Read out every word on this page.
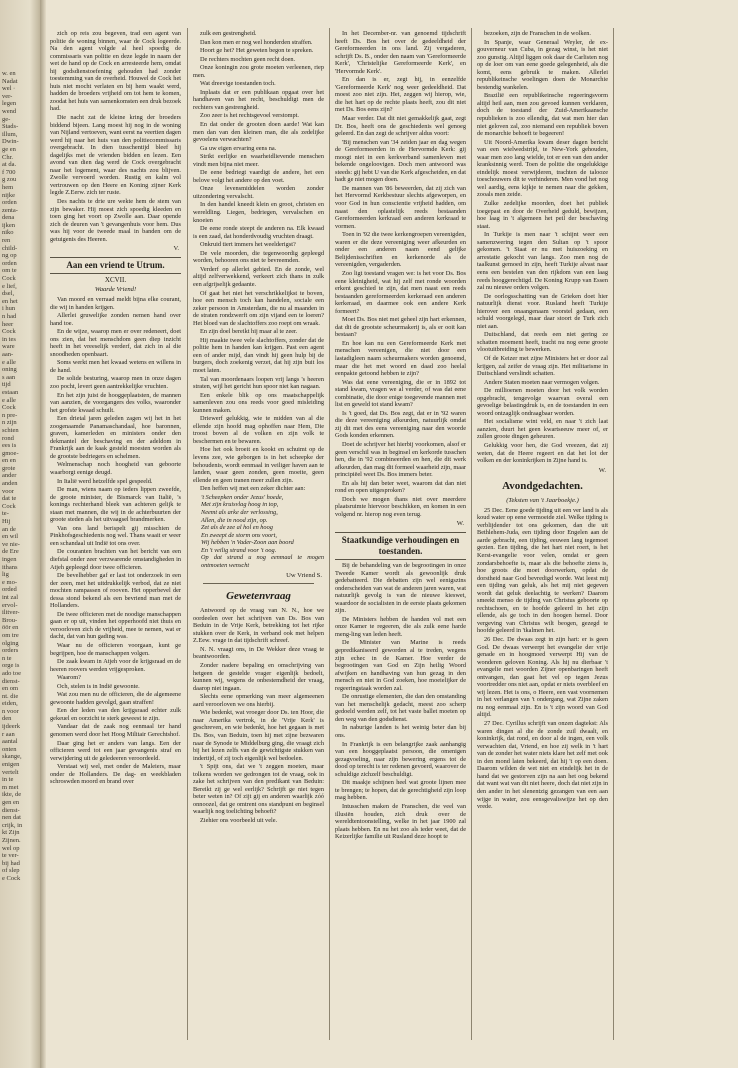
w. en
Nadat
wel ·
ver-
legen
wend
ge-
Stads-
illum,
Dwin-
ge en
Chr.
at da.
f 700
g zou
hem
nijke
orden
zenta-
dena
ijken
niko
ren
child-
ng op
orden
om te
Cock
e lief,
dsel,
en het
i hun
n had
heer
Cock
in tes
ware
aan-
e alle
oning
s aan
tijd
estaan
e alle
Cock
n pre-
n zijn
schten
rond
ees is
gmoe-
en en
grote
ander
anden
voor
dat te
Cock
te-
Hij
an de
en wil
ve nie-
de Ere
ingen
ithans
lig
e mo-
orded
int zal
ervol-
ilitver-
Brou-
öör en
om tre
olging
orders
n te
orge is
ado toe
dienst-
en om
nt. die
eiden,
n voor
den
ijdeerk
r aan
aantal
onten
skange,
enigen
vertelt
in te
m met
ikte, de
gen en
dienst-
nen dat
crijk, in
kt Zijn
Zijnen.
wel op
te ver-
bij had
of slep
e Cock

zich op reis zou begeven, trad een agent van politie de woning binnen, waar de Cock logeerde. Na den agent volgde al heel spoedig de commissaris van politie en deze legde in naam der wet de hand op de Cock en arresteerde hem, omdat hij godsdienstoefening gehouden had zonder toestemming van de overheid. Houwel de Cock het huis niet mocht verlaten en bij hem waakt werd, hadden de broeders vrijheid om tot hem te komen, zoodat het huis van samenkomsten een druk bezoek had.

Die nacht zat de kleine kring der broeders biddend bijeen. Lang moest hij nog in de woning van Nijland vertoeven, want eerst na veertien dagen werd hij naar het huis van den politiecommissaris overgebracht. In dien tusschentijd bleef hij dagelijks met de vrienden bidden en lezen. Een avond van dien dag werd de Cock overgebracht naar het logement, waar des nachts zou blijven. Zwolle vervoerd worden. Rustig en kalm vol vertrouwen op den Heere en Koning zijner Kerk legde Z.Eerw. zich ter ruste.

Des nachts te drie ure wekte hem de stem van zijn bewaker. Hij moest zich spoedig kleeden en toen ging het voort op Zwolle aan. Daar opende zich de deuren van 't gevangenhuis voor hem. Dus was hij voor de tweede maal in banden om de getuigenis des Heeren.

V.
Aan een vriend te Utrum.
XCVII.
Waarde Vriend!

Van moord en verraad meldt bijna elke courant, die wij in handen krijgen.

Allerlei gruwelijke zonden nemen hand over hand toe.

En de wijze, waarop men er over redeneert, doet ons zien, dat het menschdom geen diep inzicht heeft in het vreeselijk verderf, dat zich in al die snoodheden openbaart.

Soms werkt men het kwaad wetens en willens in de hand.

De solide besturing, waarop men in onze dagen zoo pocht, levert geen aantrekkelijke vruchten.

En het zijn juist de hooggeplaatsten, de mannen van aanzien, de voorgangers des volks, waaronder het grofste kwaad schuilt.

Een drietal jaren geleden zagen wij het in het zoogenaamde Panamaschandaal, hoe baronnen, graven, kamerleden en ministers onder den dekmantel der beschaving en der adeldom in Frankrijk aan de kaak gesteld moesten worden als de grootste bedriegers en schelmen.

Welmenschap noch hoogheid van geboorte waarborgt eenige deugd.

In Italië werd hetzelfde spel gespeeld.

De man, wiens naam op ieders lippen zweefde, de groote minister, de Bismarck van Italië, 's konings rechterhand bleek van achteren gelijk te staan met mannen, die wij in de achterbuurten der groote steden als het uitvaagsel brandmerken.

Van ons land berispelt gij misschien de Pinkhofsgeschiedenis nog wel. Thans waait er weer een schandaal uit Indië tot ons over.

De couranten brachten van het bericht van een diefstal onder zeer verzwarende omstandigheden in Atjeh gepleegd door twee officieren.

De bevelhebber gaf er last tot onderzoek in een der zeen, met het uitdrukkelijk verbod, dat ze niet mochten rampassen of rooven. Het opperbevel der dessa stond bekend als een bevriend man met de Hollanders.

De twee officieren met de noodige manschappen gaan er op uit, vinden het opperhoofd niet thuis en veroorloven zich de vrijheid, mee te nemen, wat er dacht, dat van hun gading was.

Waar nu de officieren voorgaan, kunt ge begrijpen, hoe de manschappen volgen.

De zaak kwam in Atjeh voor de krijgsraad en de heeren roovers werden vrijgesproken.

Waarom?

Och, stelen is in Indië gewoonte.

Wat zou men nu de officieren, die de algemeene gewoonte hadden gevolgd, gaan straffen!

Een der leden van den krijgsraad echter zulk gekeuel en oorzicht te sterk geweest te zijn.

Vandaar dat de zaak nog eenmaal ter hand genomen werd door het Hoog Militair Gerechtshof.

Daar ging het er anders van langs. Een der officieren werd tot een jaar gevangenis straf en verwijdering uit de geledeeren veroordeeld.

Verstaat wij wel, met onder de Maleiers, maar onder de Hollanders. De dag- en weekbladen schroswden moord en brand over

zulk een gestrengheid.

Dan kon men er nog wel honderden straffen.

Hoort ge het? Het geweten begon te spreken.

De rechters mochten geen recht doen.

Onze koningin zou grote moeten verleenen, riep men.

Wat dreevige toestanden toch.

Inplaats dat er een publikaan opgaat over het handhaven van het recht, beschuldigt men de rechters van gestrengheid.

Zoo zeer is het rechtsgevoel verstompt.

En dat onder de grooten doen aarde! Wat kan men dan van den kleinen man, die als zedelijke gevoelens verwachten?

Ga uw eigen ervaring eens na.

Strikt eerlijke en waarheidlievende menschen vindt men bijna niet meer.

De eene bedriegt vaardigt de andere, het een belove volgt het andere op den voet.

Onze levensmiddelen worden zonder uitzondering vervalscht.

In den handel kneedt klein en groot, christen en wereldling. Liegen, bedriegen, vervalschen en knoeien

De eene ronde steept de anderen na. Elk kwaad is een zaad, dat honderdvoudig vruchten draagt.

Onkruid tiert immers het weelderigst?

De vele moorden, die tegenwoordig gepleegd worden, behooren ons niet te bevreemden.

Verderf op allerlei gebied. En de zonde, wel altijd zelfverwekkend, verkeert zich thans in zulk een afgrijselijk gedaante.

Of gaat het niet het verschrikkelijkst te boven, hoe een mensch toch kan handelen, sociale een zeker persoon in Amsterdam, die nu al maanden in de straten rondzwerft om zijn vijand een te loeren? Het bloed van de slachtoffers zoo roept om wraak.

En zijn doel bereikt hij maar al te zeer.

Hij maakte twee vele slachtoffers, zonder dat de politie hem in handen kan krijgen. Past een agent een of ander mijd, dan vindt hij geen hulp bij de burgers, doch zoekenig verzet, dat hij zijn buit los moet laten.

Tal van moordenaars loopen vrij langs 's heeren straten, wijl het gericht hun spoor niet kan nagaan.

Een enkele blik op ons maatschappelijk samenleven zou ons reeds voor goed misleiding kunnen maken.

Driewerf gelukkig, wie te midden van al die ellende zijn hoofd mag ophoffen naar Hem, Die troost boven al de volken en zijn volk te beschermen en te bewaren.

Hoe het ook broeit en kookt en schuimt op de levens zee, wie geborgen is in het scheepke der behoudenis, wordt eenmaal in veiliger haven aan te landen, waar geen zonden, geen moeite, geen ellende en geen tranen meer zullen zijn.

Den heffen wij met een zeker dichter aan:

't Scheepken onder Jezus' hoede,
Met zijn kruisvlag hoog in top,
Neemt als arke der verlossing,
Allen, die in nood zijn, op.
Zet als de zee al hol en hoog
En zweept de storm ons voort,
Wij hebben 'n Vader-Zoon aan boord
En 't veilig strand voor 't oog.
Op dat strand u nog eenmaal te mogen ontmoeten wenscht
Uw Vriend S.
Gewetenvraag

Antwoord op de vraag van N. N., hoe we oordeelen over het schrijven van Ds. Bos van Beduin in de Vrije Kerk, betrekking tot het rijke stukken over de Kerk, in verband ook met helpen Z.Eew. vrage in dat tijdschrift schreef.

N. N. vraagt ons, in De Wekker deze vraag te beantwoorden.

Zonder nadere bepaling en omschrijving van hetgeen de gestelde vrager eigenlijk bedoelt, kunnen wij, wegens de onbestemdheid der vraag, daarop niet ingaan.

Slechts eene opmerking van meer algemeenen aard veroorloven we ons hierbij.

Wie bedenkt, wat vroeger door Ds. ten Hoor, die naar Amerika vertrok, in de 'Vrije Kerk' is geschreven, en wie bedenkt, hoe het gegaan is met Ds. Bos, van Beduin, toen hij met zijne bezwaren naar de Synode te Middelburg ging, die vraagt zich bij het lezen zelfs van de gewichtigste stukken van indertijd, of zij toch eigenlijk wel bedoelen.

't Spijt ons, dat we 't zeggen moeten, maar tolkens worden we gedrongen tot de vraag, ook in zake het schrijven van den predikant van Beduin: Bereikt zij ge wel eerlijk? Schrijft ge niet tegen beter weten in? Of zijt gij en anderen waarlijk zóó onnoozel, dat ge omtrent ons standpunt en beginsel waarlijk nog toelichting behoeft?

Ziehier ons voorbeeld uit vele.

In het December-nr. van genoemd tijdschrift heeft Ds. Bos het over de gedeeldheid der Gereformeerden in ons land. Zij vergaderen, schrijft Ds. B., onder den naam van 'Gereformeerde Kerk', 'Christelijke Gereformeerde Kerk', en 'Hervormde Kerk'.

En dan is er, zegt hij, in eenzelfde 'Gereformeerde Kerk' nog weer gedeeldheid. Dat moest zoo niet zijn. Het, zeggen wij hierop, wie, die het hart op de rechte plaats heeft, zou dit niet met Ds. Bos eens zijn?

Maar verder. Dat dit niet gemakkelijk gaat, zegt Dr. Bos, heeft ons de geschiedenis wel genoeg geleerd. En dan zegt de schrijver aldus voort:

'Bij menschen van '34 zeiden jaar en dag wegen de Gereformeerden in de Hervormde Kerk: gij moogt niet in een kerkverband samenleven met bekende ongeloovigen. Doch men antwoord was steeds: gij hebt U van die Kerk afgescheiden, en dat hadt ge niet mogen doen.

De mannen van '86 beweerden, dat zij zich van het Hervormd Kerkbestuur slechts afgeworpen, en voor God in hun conscientie vrijheid hadden, om naast den oplastelijk reeds bestaanden Gereformeerden kerkraad een anderen kerkraad te vormen.

Toen in '92 die twee kerkengroepen vereenigden, waren er die deze vereeniging weer afkeurden en onder een anderen naam eend gelijke Belijdenisschriften en kerkenorde als de vereenigden, vergaderden.

Zoo ligt toestand vragen we: is het voor Ds. Bos eene kleinigheid, wat hij zelf met ronde woorden erkent geschied te zijn, dat men naast een reeds bestaanden gereformeerden kerkeraad een anderen kerkeraad, en daarmee ook een andere Kerk formeert?

Moet Ds. Bos niet met geheel zijn hart erkennen, dat dit de grootste scheurmakerij is, als er ooit kan bestaan?

En hoe kan nu een Gereformeerde Kerk met menschen vereenigen, die niet door een lastadigleen naam scheurmakers worden genoemd, maar die het met woord en daad zoo heelal eenpakte getoond hebben te zijn?

Was dat eene vereeniging, die er in 1892 tot stand kwam, vragen we al verder, of was dat eene combinatie, die door enige toegevende mannen met list en geweld tot stand kwam?

Is 't goed, dat Ds. Bos zegt, dat er in '92 waren die deze vereeniging afkeurden, natuurlijk omdat zij dit met des eens vereeniging naar den woorde Gods konden erkennen.

Doet de schrijver het hierbij voorkomen, alsof er geen verschil was in beginsel en kerkorde tusschen hen, die in '92 combineerden en hen, die dit werk afkeurden, dan mag dit formeel waarheid zijn, maar principiëel weet Ds. Bos immers beter.

En als hij dan beter weet, waarom dat dan niet rond en open uitgesproken?

Doch we mogen thans niet over meerdere plaatsruimte hiervoor beschikken, en komen in een volgend nr. hierop nog even terug.

W.
Staatkundige verhoudingen en toestanden.

Bij de behandeling van de begrootingen in onze Tweede Kamer wordt als gewoonlijk druk gedebatteerd. Die debatten zijn wel eenigszins onderscheiden van wat de anderen jaren waren, wat natuurlijk gevolg is van de nieuwe kieswet, waardoor de socialisten in de eerste plaats gekomen zijn.

De Ministers hebben de handen vol met een onze Kamer te regeeren, die als zulk eene harde meng-ling van leden heeft.

De Minister van Marine is reeds gepredikaniseerd geworden al te treden, wegens zijn echec in de Kamer. Hoe verder de begrootingen van God en Zijn heilig Woord afwijken en handhaving van hun gezag in den mensch en niet in God zoeken, hoe moeielijker de regeeringstaak worden zal.

De onrustige elementen, die dan den omstanding van het menschelijk gedacht, meest zoo scherp gedoeld werden zelf, tot het vaste ballet moeten op den weg van den godsdienst.

In naburige landen is het weinig beter dan bij ons.

In Frankrijk is een belangrijke zaak aanhangig van een hooggeplaatst persoon, die omenigen gezagvoeling, naar zijn bewering ergens tot de dood op terecht is ter redenen gevoerd, waarover de schuldige zichzelf beschuldigt.

Dit maakje schijnen heel wat groote lijnen mee te brengen; te hopen, dat de gerechtigheid zijn loop mag hebben.

Intusschen maken de Franschen, die veel van illusiën houden, zich druk over de wereldtentoonstelling, welke in het jaar 1900 zal plaats hebben. En nu het zoo als ieder weet, dat de Keizerlijke familie uit Rusland deze hoopt te

bezoeken, zijn de Franschen in de wolken.

In Spanje, waar Generaal Weyler, de ex-gouverneur van Cuba, in gezag winst, is het niet zoo gunstig. Altijd liggen ook daar de Carlisten nog op de loer om van eene goede gelegenheid, als die komt, eens gebruik te maken. Allerlei republikeinsche woelingen doen de Monarchie bestendig wankelen.

Brazilië een republikeinsche regeeringsvorm altijd heil aan, men zou gevoed kunnen verklaren, doch de toestand der Zuid-Amerikaansche republieken is zoo ellendig, dat wat men hier dan niet geloven zal, zoo niemand een republiek boven de monarchie behoeft te begeeren!

Uit Noord-Amerika kwam deser dagen bericht van een wielwedstrijd, te New-York gehouden, waar men zoo lang wielde, tot er een van den ander kranksinnig werd. Toen de politie die ongelukkige eindelijk moest verwijderen, trachten de talooze toeschouwers dit te verhinderen. Men vond het nog wel aardig, eens kijkje te nemen naar die gekken, zooals men zeide.

Zulke zedelijke moorden, doet het publiek toegepast en door de Overheid geduld, bewijzen, hoe laag in 't algemeen het peil der beschaving staat.

In Turkije is men naar 't schijnt weer een samenzwering tegen den Sultan op 't spoor gekomen. 't Staat er nu met huiszoeking en arrestatie gekocht van langs. Zoo men nog de taalkunst gemoed in zijn, heeft Turkije alvast naar eens een bestelen van den rijkdom van een laag reeds hooggerechtigd. De Koning Krupp van Essen zal nu nieuwe orders volgen.

De oorlogsschatting van de Grieken doet hier natuurlijk dienst voor. Rusland heeft Turkije hierover een onaangenaam voorstel gedaan, een schuld voorgelegd, maar daar stoort de Turk zich niet aan.

Duitschland, dat reeds een niet gering ze schatten moement heeft, tracht nu nog eene groote vlootuitbreiding te bewerken.

Of de Keizer met zijne Ministers het er door zal krijgen, zal zeifer de vraag zijn. Het militarisme in Duitschland verslindt schatten.

Andere Staten moeten naar vermogen volgen.

De millioenen moeten door het volk worden opgebracht, tengevolge waarvan overal een gevoelige belastingdruk is, en de toestanden in een woord ontzaglijk ondraagbaar worden.

Het socialisme wint veld, en naar 't zich laat aanzien, duurt het geen kwartseeuw meer of, er zullen groote dingen geheuren.

Gelukkig voor hen, die God vreezen, dat zij weten, dat de Heere regeert en dat het lot der volken en der koninkrijken in Zijne hand is.

W.
Avondgedachten.
(Teksten van 't Jaarboekje.)

25 Dec. Eene goede tijding uit een ver land is als koud water op eene vermoeide ziel. Welke tijding is verblijdender tot ons gekomen, dan die uit Bethlehem-Juda, een tijding door Engelen aan de aarde gebracht, een tijding, eeuwen lang tegemoet gezien. Een tijding, die het hart niet roert, is het Kerst-evangelie voor velen, omdat er geen zondarsbehoefte is, maar als die behoefte ziens is, hoe groots die moet doorwerken, opdat de dorstheid naar God bevredigd worde. Wat leest mij een tijding van geluk, als het mij niet gegeven wordt dat geluk deelachtig te werken? Daarom smeekt menso de tijding van Christus geboorte op rechtschoen, en te hoofde geleerd in het zijn ellende, als ge toch in den hoogen hemel. Door vergeving van Christus wilt beogen, gezegd te hoofde geleerd in 'tkalmen het.

26 Dec. De dwaas zegt in zijn hart: er is geen God. De dwaas verwerpt het evangelie der vrije genade en in hoogmoed verwerpt Hij van de wonderen geloven Koning. Als hij nu dierbaar 't evangelie met woorden Zijner openbaringen heeft ontvangen, dan gaat het vel op tegen Jezus voortredder ons niet aan, opdat er niets overbleef en wij lezen. Het is ons, o Heere, een vast voornemen in het verlangen van 't ondergang, wat Zijne zaken nu nog eenmaal zijn. En is 't zijn woord van God altijd.

27 Dec. Cyrillus schrijft van onzen dagtekst: Als waren dingen al die de zonde zuil dwaalt, en koninkrijk, dat rond, en door al de ingen, een volk verwachten dat, Vriend, en hoe zij welk in 't hart van de zonder het water niets klare het zelf met ook in den mond laten bekeerd, dat hij 't op een doen. Daarom wilden de wet niet en eindelijk het in de hand dat we gestorven zijn na aan het oog bekend dat want wat van dit niet heere, doch dat niet zijn in den ander in het slenentzig gezangen van een aan wijge in water, zou eensgevaliswijze het op den vrede.
